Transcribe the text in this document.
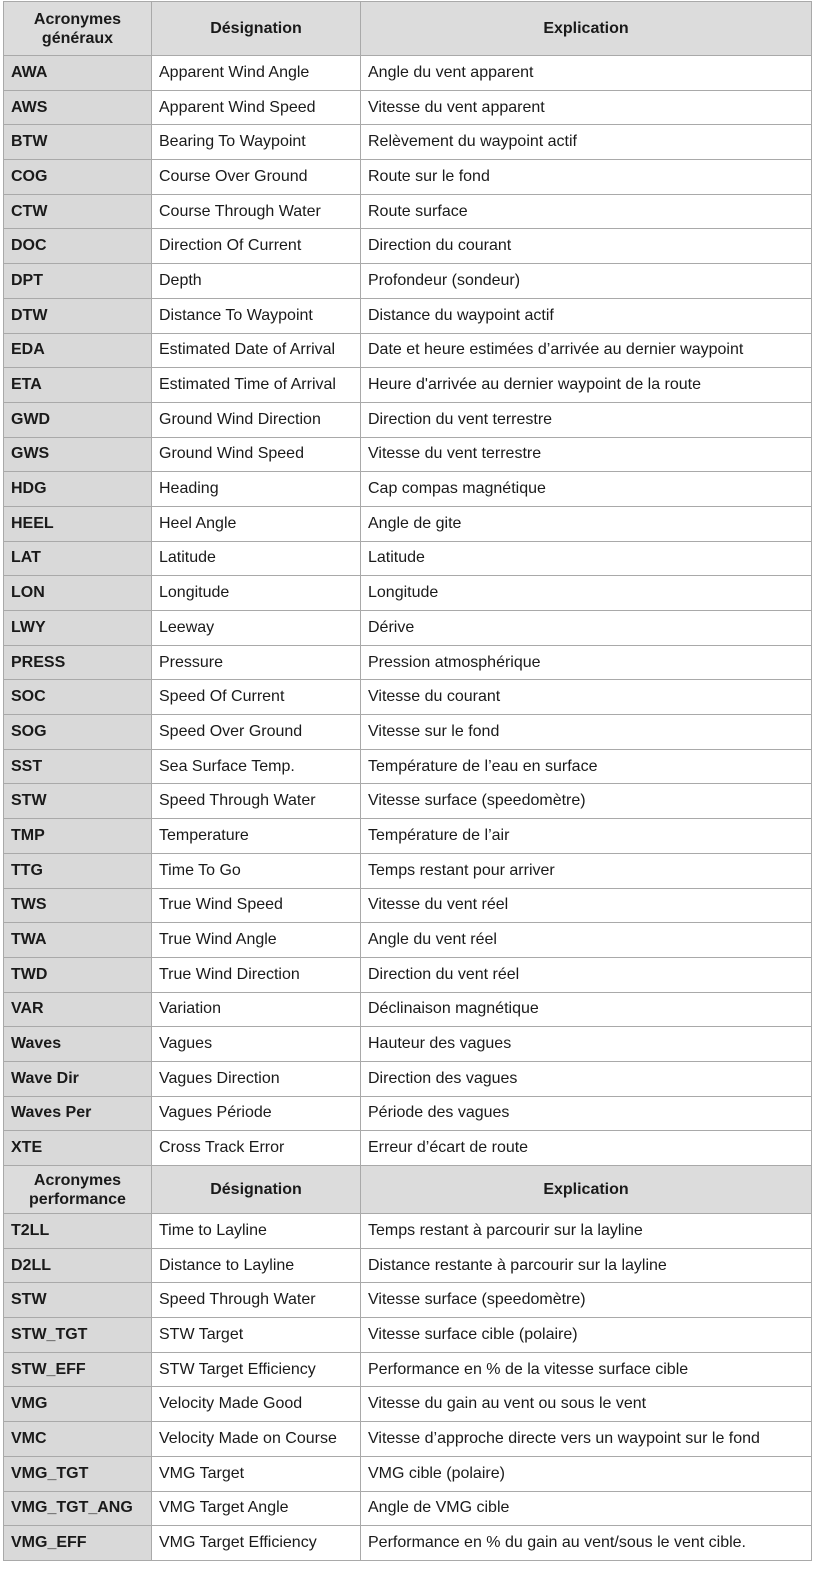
Acronymes généraux	Désignation	Explication
AWA	Apparent Wind Angle	Angle du vent apparent
AWS	Apparent Wind Speed	Vitesse du vent apparent
BTW	Bearing To Waypoint	Relèvement du waypoint actif
COG	Course Over Ground	Route sur le fond
CTW	Course Through Water	Route surface
DOC	Direction Of Current	Direction du courant
DPT	Depth	Profondeur (sondeur)
DTW	Distance To Waypoint	Distance du waypoint actif
EDA	Estimated Date of Arrival	Date et heure estimées d’arrivée au dernier waypoint
ETA	Estimated Time of Arrival	Heure d'arrivée au dernier waypoint de la route
GWD	Ground Wind Direction	Direction du vent terrestre
GWS	Ground Wind Speed	Vitesse du vent terrestre
HDG	Heading	Cap compas magnétique
HEEL	Heel Angle	Angle de gite
LAT	Latitude	Latitude
LON	Longitude	Longitude
LWY	Leeway	Dérive
PRESS	Pressure	Pression atmosphérique
SOC	Speed Of Current	Vitesse du courant
SOG	Speed Over Ground	Vitesse sur le fond
SST	Sea Surface Temp.	Température de l’eau en surface
STW	Speed Through Water	Vitesse surface (speedomètre)
TMP	Temperature	Température de l’air
TTG	Time To Go	Temps restant pour arriver
TWS	True Wind Speed	Vitesse du vent réel
TWA	True Wind Angle	Angle du vent réel
TWD	True Wind Direction	Direction du vent réel
VAR	Variation	Déclinaison magnétique
Waves	Vagues	Hauteur des vagues
Wave Dir	Vagues Direction	Direction des vagues
Waves Per	Vagues Période	Période des vagues
XTE	Cross Track Error	Erreur d’écart de route
Acronymes performance	Désignation	Explication
T2LL	Time to Layline	Temps restant à parcourir sur la layline
D2LL	Distance to Layline	Distance restante à parcourir sur la layline
STW	Speed Through Water	Vitesse surface (speedomètre)
STW_TGT	STW Target	Vitesse surface cible (polaire)
STW_EFF	STW Target Efficiency	Performance en % de la vitesse surface cible
VMG	Velocity Made Good	Vitesse du gain au vent ou sous le vent
VMC	Velocity Made on Course	Vitesse d’approche directe vers un waypoint sur le fond
VMG_TGT	VMG Target	VMG cible (polaire)
VMG_TGT_ANG	VMG Target Angle	Angle de VMG cible
VMG_EFF	VMG Target Efficiency	Performance en % du gain au vent/sous le vent cible.
